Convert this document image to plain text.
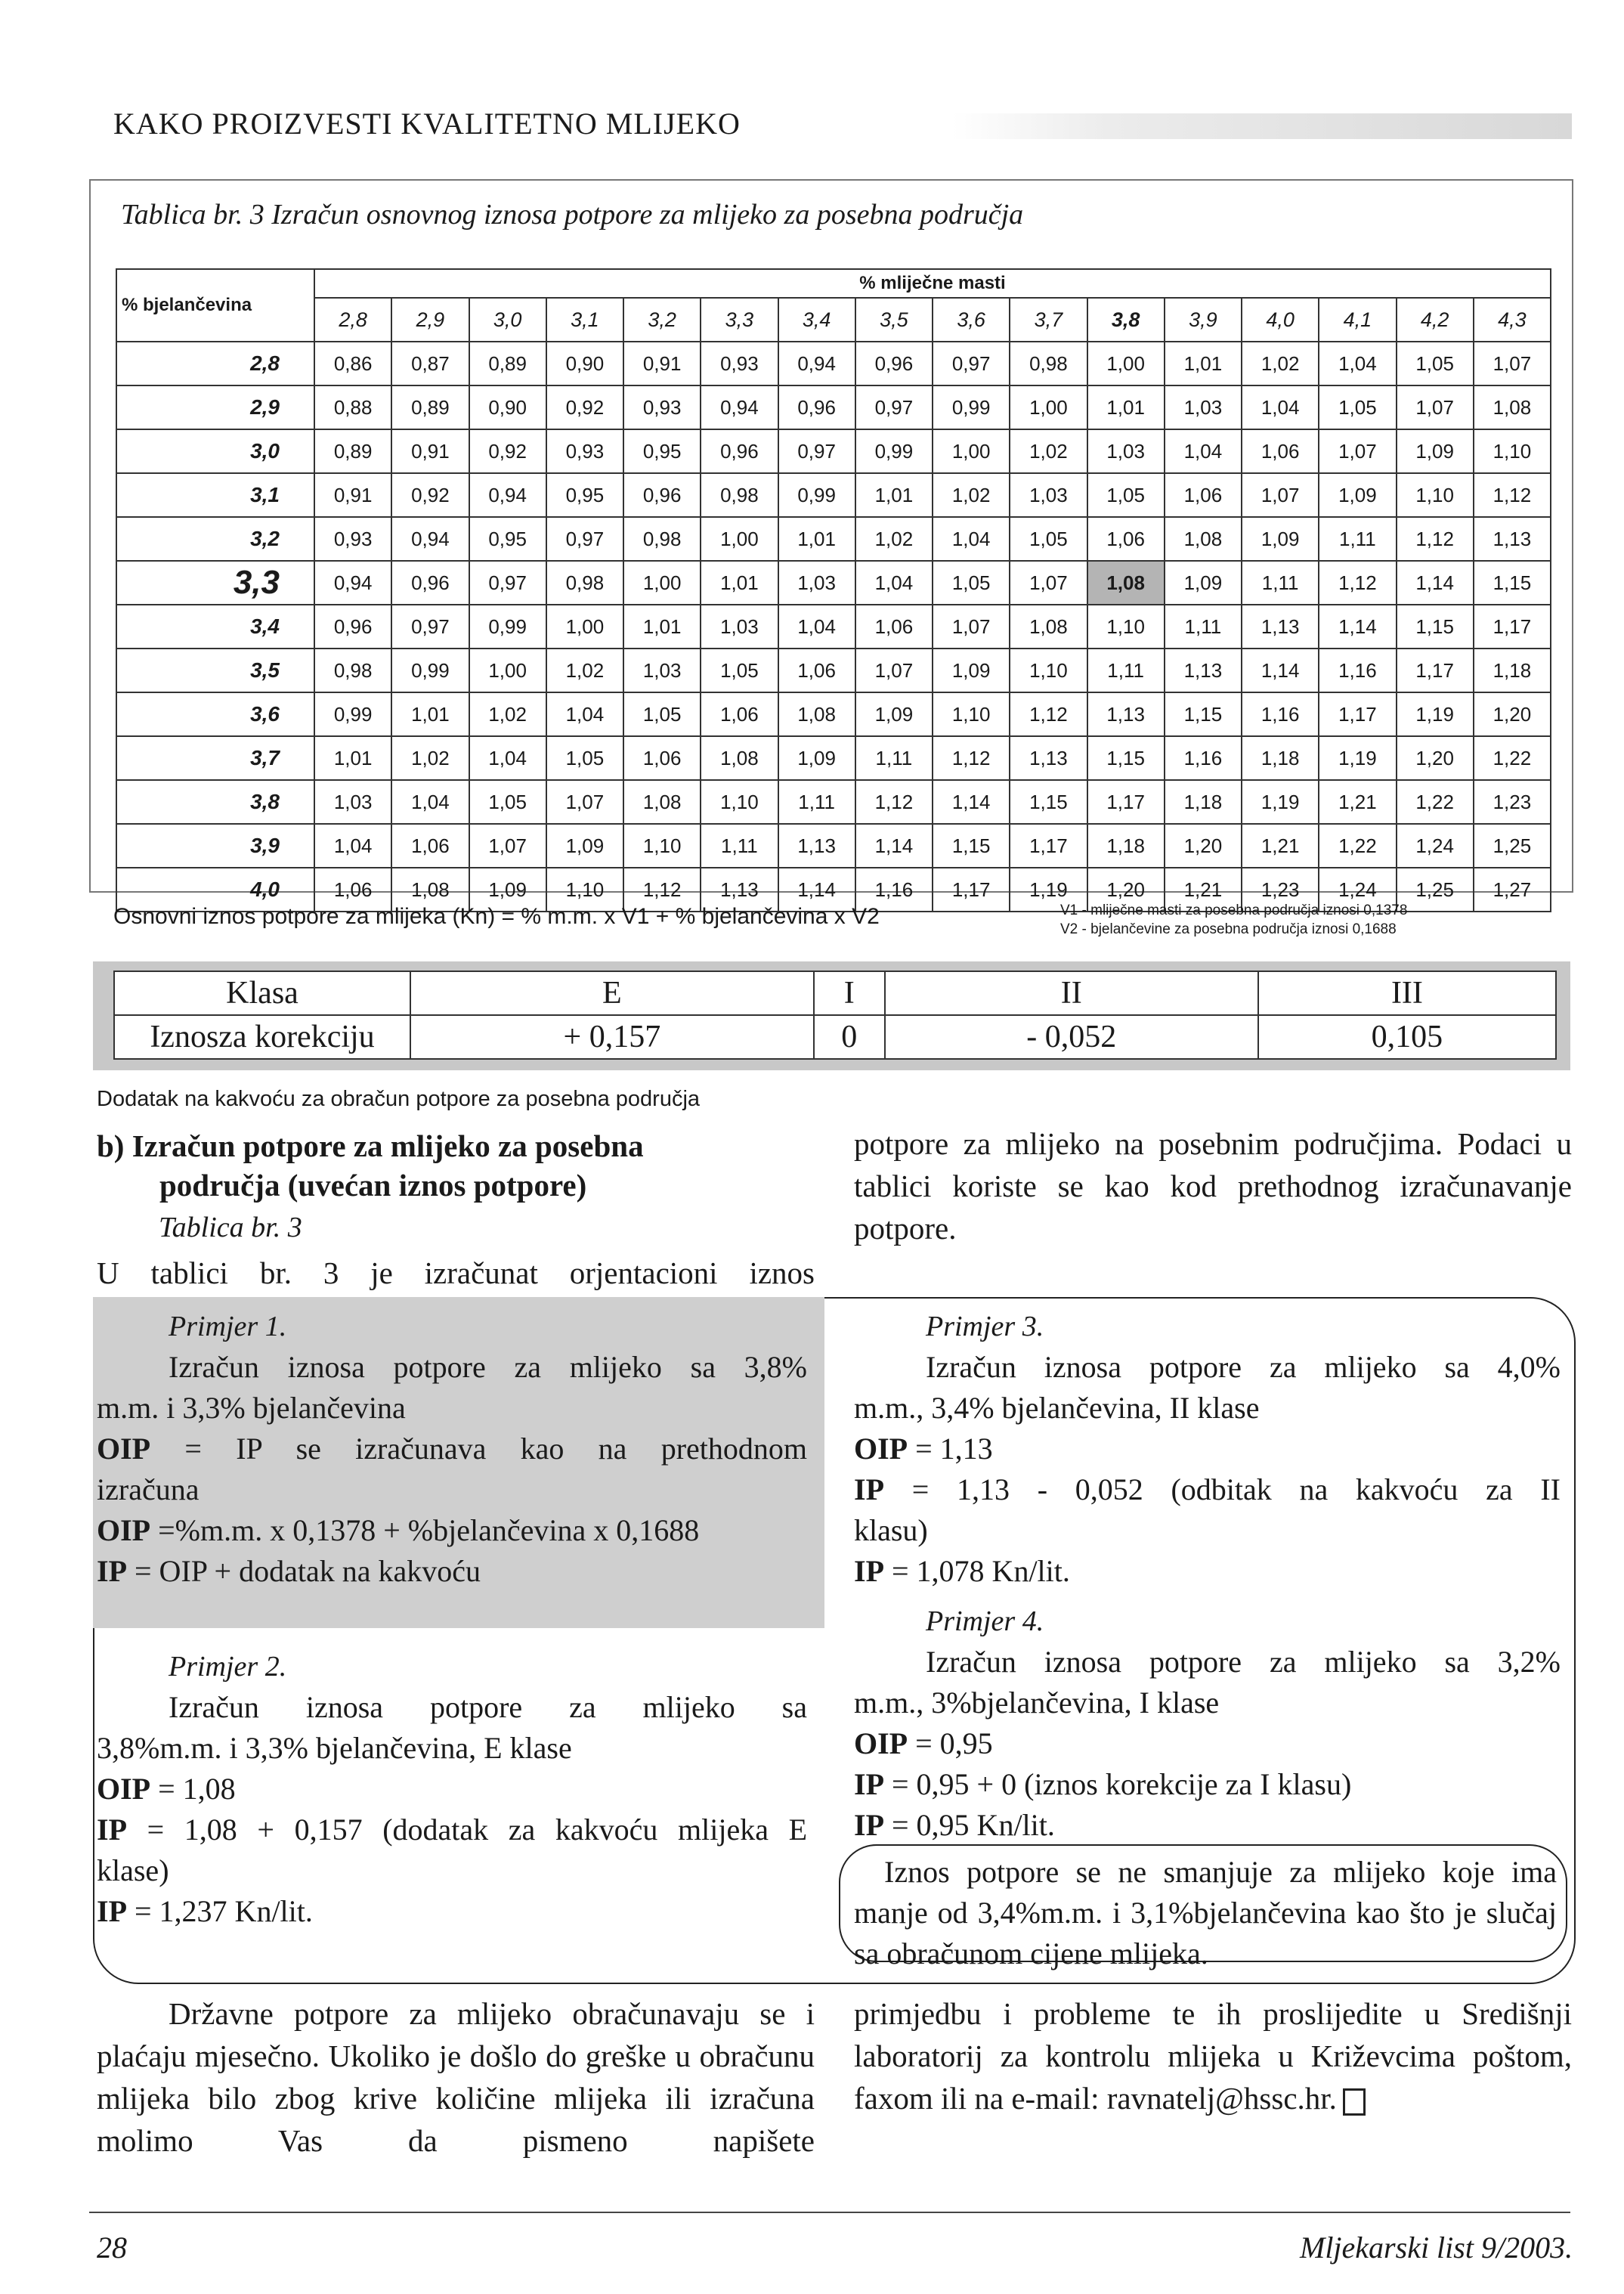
KAKO PROIZVESTI KVALITETNO MLIJEKO
Tablica br. 3 Izračun osnovnog iznosa potpore za mlijeko za posebna područja
% bjelančevina	% mliječne masti															
	2,8	2,9	3,0	3,1	3,2	3,3	3,4	3,5	3,6	3,7	3,8	3,9	4,0	4,1	4,2	4,3
2,8	0,86	0,87	0,89	0,90	0,91	0,93	0,94	0,96	0,97	0,98	1,00	1,01	1,02	1,04	1,05	1,07
2,9	0,88	0,89	0,90	0,92	0,93	0,94	0,96	0,97	0,99	1,00	1,01	1,03	1,04	1,05	1,07	1,08
3,0	0,89	0,91	0,92	0,93	0,95	0,96	0,97	0,99	1,00	1,02	1,03	1,04	1,06	1,07	1,09	1,10
3,1	0,91	0,92	0,94	0,95	0,96	0,98	0,99	1,01	1,02	1,03	1,05	1,06	1,07	1,09	1,10	1,12
3,2	0,93	0,94	0,95	0,97	0,98	1,00	1,01	1,02	1,04	1,05	1,06	1,08	1,09	1,11	1,12	1,13
3,3	0,94	0,96	0,97	0,98	1,00	1,01	1,03	1,04	1,05	1,07	1,08	1,09	1,11	1,12	1,14	1,15
3,4	0,96	0,97	0,99	1,00	1,01	1,03	1,04	1,06	1,07	1,08	1,10	1,11	1,13	1,14	1,15	1,17
3,5	0,98	0,99	1,00	1,02	1,03	1,05	1,06	1,07	1,09	1,10	1,11	1,13	1,14	1,16	1,17	1,18
3,6	0,99	1,01	1,02	1,04	1,05	1,06	1,08	1,09	1,10	1,12	1,13	1,15	1,16	1,17	1,19	1,20
3,7	1,01	1,02	1,04	1,05	1,06	1,08	1,09	1,11	1,12	1,13	1,15	1,16	1,18	1,19	1,20	1,22
3,8	1,03	1,04	1,05	1,07	1,08	1,10	1,11	1,12	1,14	1,15	1,17	1,18	1,19	1,21	1,22	1,23
3,9	1,04	1,06	1,07	1,09	1,10	1,11	1,13	1,14	1,15	1,17	1,18	1,20	1,21	1,22	1,24	1,25
4,0	1,06	1,08	1,09	1,10	1,12	1,13	1,14	1,16	1,17	1,19	1,20	1,21	1,23	1,24	1,25	1,27
Osnovni iznos potpore za mlijeka (Kn) = % m.m. x V1 + % bjelančevina x V2	V1 - mliječne masti za posebna područja iznosi 0,1378
V2 - bjelančevine za posebna područja iznosi 0,1688
Klasa	E	I	II	III
Iznosza korekciju	+ 0,157	0	- 0,052	0,105
Dodatak na kakvoću za obračun potpore za posebna područja
b) Izračun potpore za mlijeko za posebna
područja (uvećan iznos potpore)
Tablica br. 3
U tablici br. 3 je izračunat orjentacioni iznos
potpore za mlijeko na posebnim područjima. Podaci u tablici koriste se kao kod prethodnog izračunavanje potpore.
Primjer 1.
Izračun iznosa potpore za mlijeko sa 3,8%
m.m. i 3,3% bjelančevina
OIP = IP se izračunava kao na prethodnom
izračuna
OIP =%m.m. x 0,1378 + %bjelančevina x 0,1688
IP = OIP + dodatak na kakvoću
Primjer 2.
Izračun iznosa potpore za mlijeko sa
3,8%m.m. i 3,3% bjelančevina, E klase
OIP = 1,08
IP = 1,08 + 0,157 (dodatak za kakvoću mlijeka E
klase)
IP = 1,237 Kn/lit.
Primjer 3.
Izračun iznosa potpore za mlijeko sa 4,0%
m.m., 3,4% bjelančevina, II klase
OIP = 1,13
IP = 1,13 - 0,052 (odbitak na kakvoću za II
klasu)
IP = 1,078 Kn/lit.
Primjer 4.
Izračun iznosa potpore za mlijeko sa 3,2%
m.m., 3%bjelančevina, I klase
OIP = 0,95
IP = 0,95 + 0 (iznos korekcije za I klasu)
IP = 0,95 Kn/lit.
Iznos potpore se ne smanjuje za mlijeko koje ima manje od 3,4%m.m. i 3,1%bjelančevina kao što je slučaj sa obračunom cijene mlijeka.
Državne potpore za mlijeko obračunavaju se i plaćaju mjesečno. Ukoliko je došlo do greške u obračunu mlijeka bilo zbog krive količine mlijeka ili izračuna molimo Vas da pismeno napišete
primjedbu i probleme te ih proslijedite u Središnji laboratorij za kontrolu mlijeka u Križevcima poštom, faxom ili na e-mail: ravnatelj@hssc.hr.
28	Mljekarski list 9/2003.
